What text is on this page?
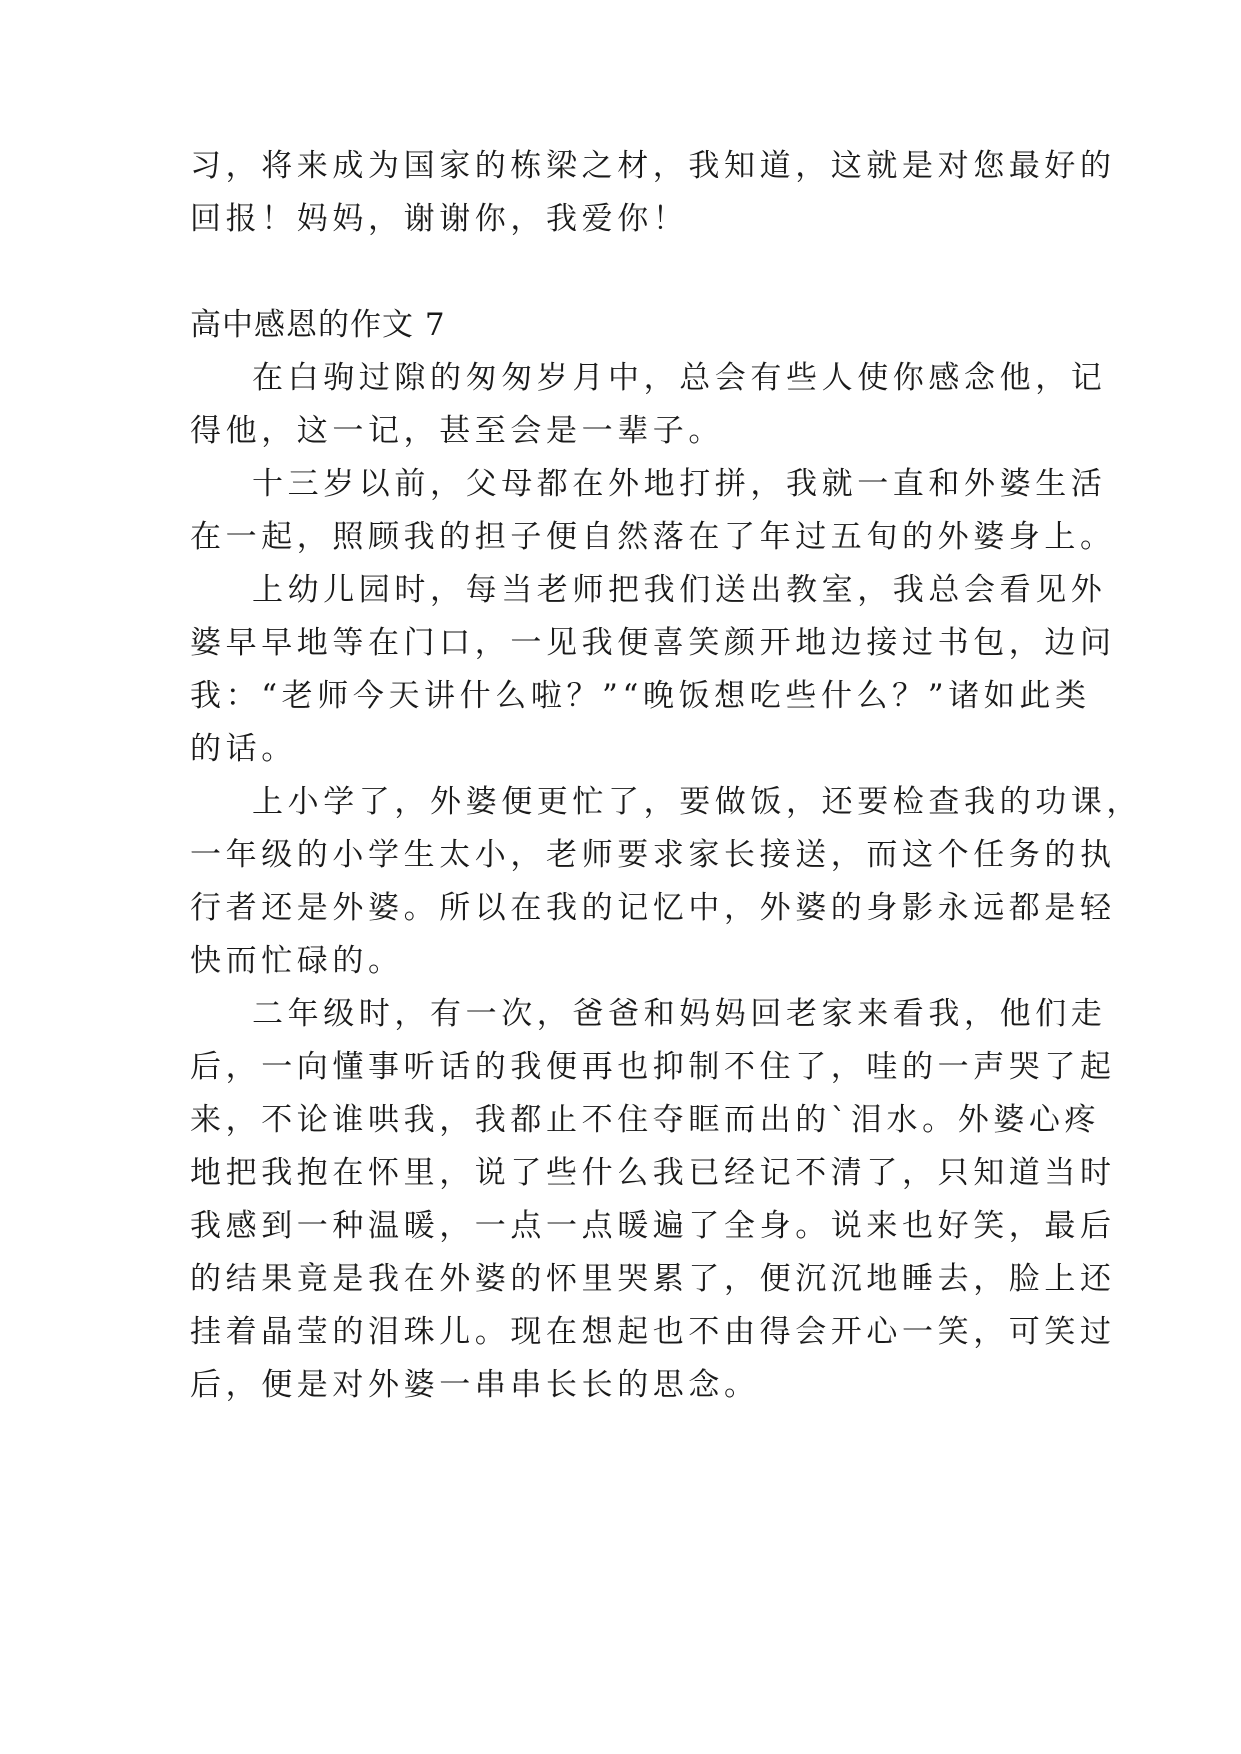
习，将来成为国家的栋梁之材，我知道，这就是对您最好的
回报！妈妈，谢谢你，我爱你！
高中感恩的作文 7
在白驹过隙的匆匆岁月中，总会有些人使你感念他，记
得他，这一记，甚至会是一辈子。
十三岁以前，父母都在外地打拼，我就一直和外婆生活
在一起，照顾我的担子便自然落在了年过五旬的外婆身上。
上幼儿园时，每当老师把我们送出教室，我总会看见外
婆早早地等在门口，一见我便喜笑颜开地边接过书包，边问
我：“老师今天讲什么啦？”“晚饭想吃些什么？”诸如此类
的话。
上小学了，外婆便更忙了，要做饭，还要检查我的功课，
一年级的小学生太小，老师要求家长接送，而这个任务的执
行者还是外婆。所以在我的记忆中，外婆的身影永远都是轻
快而忙碌的。
二年级时，有一次，爸爸和妈妈回老家来看我，他们走
后，一向懂事听话的我便再也抑制不住了，哇的一声哭了起
来，不论谁哄我，我都止不住夺眶而出的`泪水。外婆心疼
地把我抱在怀里，说了些什么我已经记不清了，只知道当时
我感到一种温暖，一点一点暖遍了全身。说来也好笑，最后
的结果竟是我在外婆的怀里哭累了，便沉沉地睡去，脸上还
挂着晶莹的泪珠儿。现在想起也不由得会开心一笑，可笑过
后，便是对外婆一串串长长的思念。
